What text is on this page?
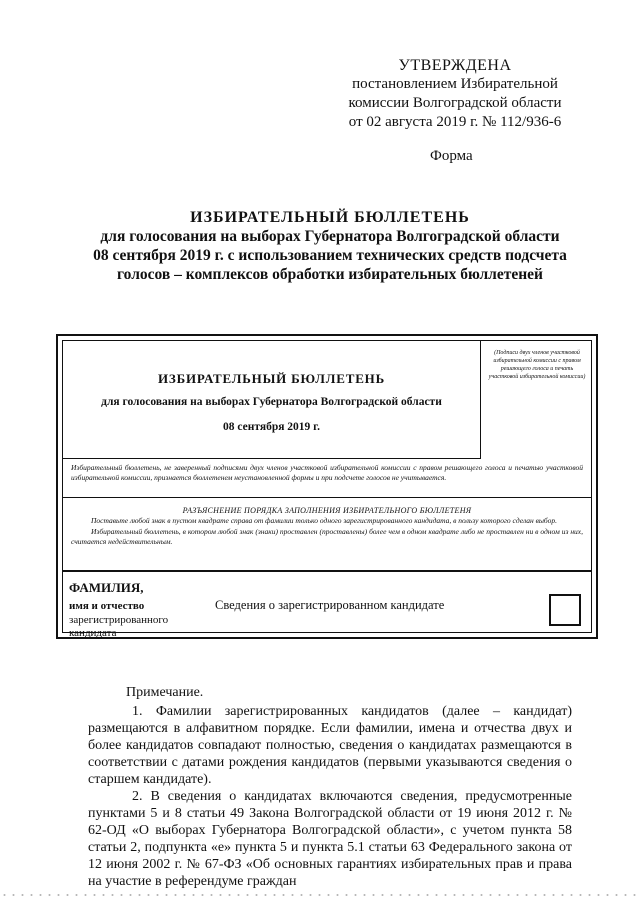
УТВЕРЖДЕНА
постановлением Избирательной
комиссии Волгоградской области
от 02 августа 2019 г. № 112/936-6
Форма
ИЗБИРАТЕЛЬНЫЙ БЮЛЛЕТЕНЬ
для голосования на выборах Губернатора Волгоградской области
08 сентября 2019 г. с использованием технических средств подсчета
голосов – комплексов обработки избирательных бюллетеней
ИЗБИРАТЕЛЬНЫЙ БЮЛЛЕТЕНЬ
для голосования на выборах Губернатора Волгоградской области
08 сентября 2019 г.
(Подписи двух членов участковой избирательной комиссии с правом решающего голоса и печать участковой избирательной комиссии)

Избирательный бюллетень, не заверенный подписями двух членов участковой избирательной комиссии с правом решающего голоса и печатью участковой избирательной комиссии, признается бюллетенем неустановленной формы и при подсчете голосов не учитывается.

РАЗЪЯСНЕНИЕ ПОРЯДКА ЗАПОЛНЕНИЯ ИЗБИРАТЕЛЬНОГО БЮЛЛЕТЕНЯ

Поставьте любой знак в пустом квадрате справа от фамилии только одного зарегистрированного кандидата, в пользу которого сделан выбор.

Избирательный бюллетень, в котором любой знак (знаки) проставлен (проставлены) более чем в одном квадрате либо не проставлен ни в одном из них, считается недействительным.

ФАМИЛИЯ,
имя и отчество
зарегистрированного
кандидата
Сведения о зарегистрированном кандидате

Примечание.

1. Фамилии зарегистрированных кандидатов (далее – кандидат) размещаются в алфавитном порядке. Если фамилии, имена и отчества двух и более кандидатов совпадают полностью, сведения о кандидатах размещаются в соответствии с датами рождения кандидатов (первыми указываются сведения о старшем кандидате).

2. В сведения о кандидатах включаются сведения, предусмотренные пунктами 5 и 8 статьи 49 Закона Волгоградской области от 19 июня 2012 г. № 62-ОД «О выборах Губернатора Волгоградской области», с учетом пункта 58 статьи 2, подпункта «е» пункта 5 и пункта 5.1 статьи 63 Федерального закона от 12 июня 2002 г. № 67-ФЗ «Об основных гарантиях избирательных прав и права на участие в референдуме граждан
